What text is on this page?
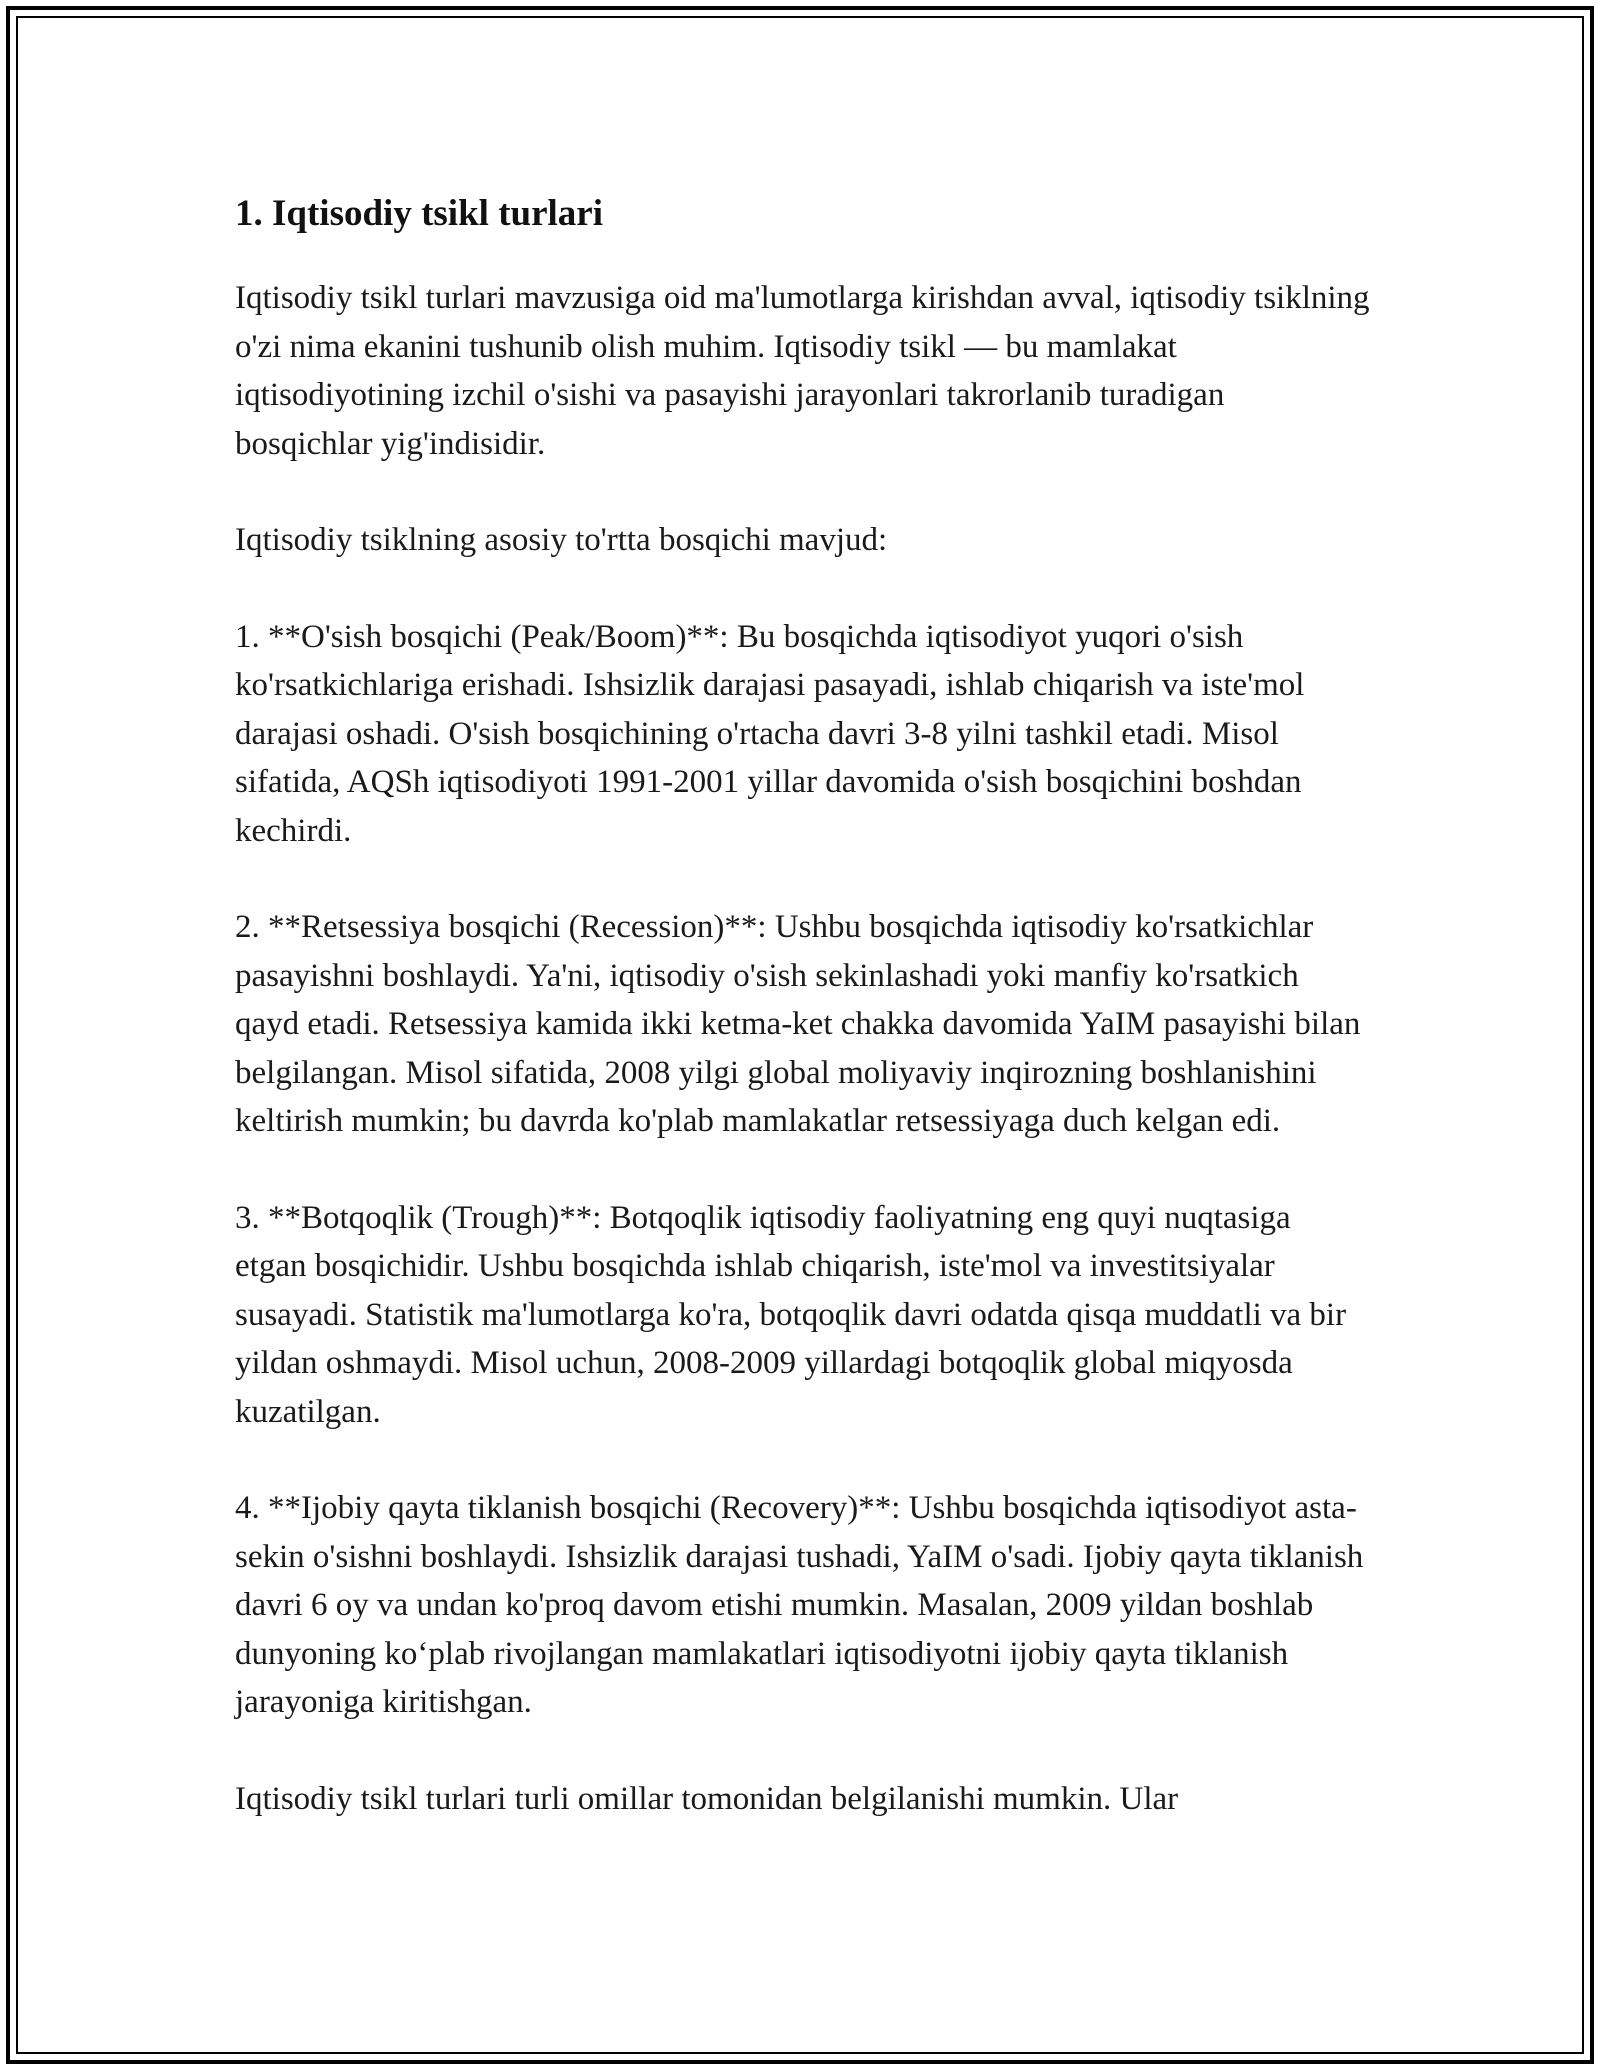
1. Iqtisodiy tsikl turlari

Iqtisodiy tsikl turlari mavzusiga oid ma'lumotlarga kirishdan avval, iqtisodiy tsiklning o'zi nima ekanini tushunib olish muhim. Iqtisodiy tsikl — bu mamlakat iqtisodiyotining izchil o'sishi va pasayishi jarayonlari takrorlanib turadigan bosqichlar yig'indisidir.

Iqtisodiy tsiklning asosiy to'rtta bosqichi mavjud:

1. **O'sish bosqichi (Peak/Boom)**: Bu bosqichda iqtisodiyot yuqori o'sish ko'rsatkichlariga erishadi. Ishsizlik darajasi pasayadi, ishlab chiqarish va iste'mol darajasi oshadi. O'sish bosqichining o'rtacha davri 3-8 yilni tashkil etadi. Misol sifatida, AQSh iqtisodiyoti 1991-2001 yillar davomida o'sish bosqichini boshdan kechirdi.

2. **Retsessiya bosqichi (Recession)**: Ushbu bosqichda iqtisodiy ko'rsatkichlar pasayishni boshlaydi. Ya'ni, iqtisodiy o'sish sekinlashadi yoki manfiy ko'rsatkich qayd etadi. Retsessiya kamida ikki ketma-ket chakka davomida YaIM pasayishi bilan belgilangan. Misol sifatida, 2008 yilgi global moliyaviy inqirozning boshlanishini keltirish mumkin; bu davrda ko'plab mamlakatlar retsessiyaga duch kelgan edi.

3. **Botqoqlik (Trough)**: Botqoqlik iqtisodiy faoliyatning eng quyi nuqtasiga etgan bosqichidir. Ushbu bosqichda ishlab chiqarish, iste'mol va investitsiyalar susayadi. Statistik ma'lumotlarga ko'ra, botqoqlik davri odatda qisqa muddatli va bir yildan oshmaydi. Misol uchun, 2008-2009 yillardagi botqoqlik global miqyosda kuzatilgan.

4. **Ijobiy qayta tiklanish bosqichi (Recovery)**: Ushbu bosqichda iqtisodiyot asta-sekin o'sishni boshlaydi. Ishsizlik darajasi tushadi, YaIM o'sadi. Ijobiy qayta tiklanish davri 6 oy va undan ko'proq davom etishi mumkin. Masalan, 2009 yildan boshlab dunyoning ko‘plab rivojlangan mamlakatlari iqtisodiyotni ijobiy qayta tiklanish jarayoniga kiritishgan.

Iqtisodiy tsikl turlari turli omillar tomonidan belgilanishi mumkin. Ular
